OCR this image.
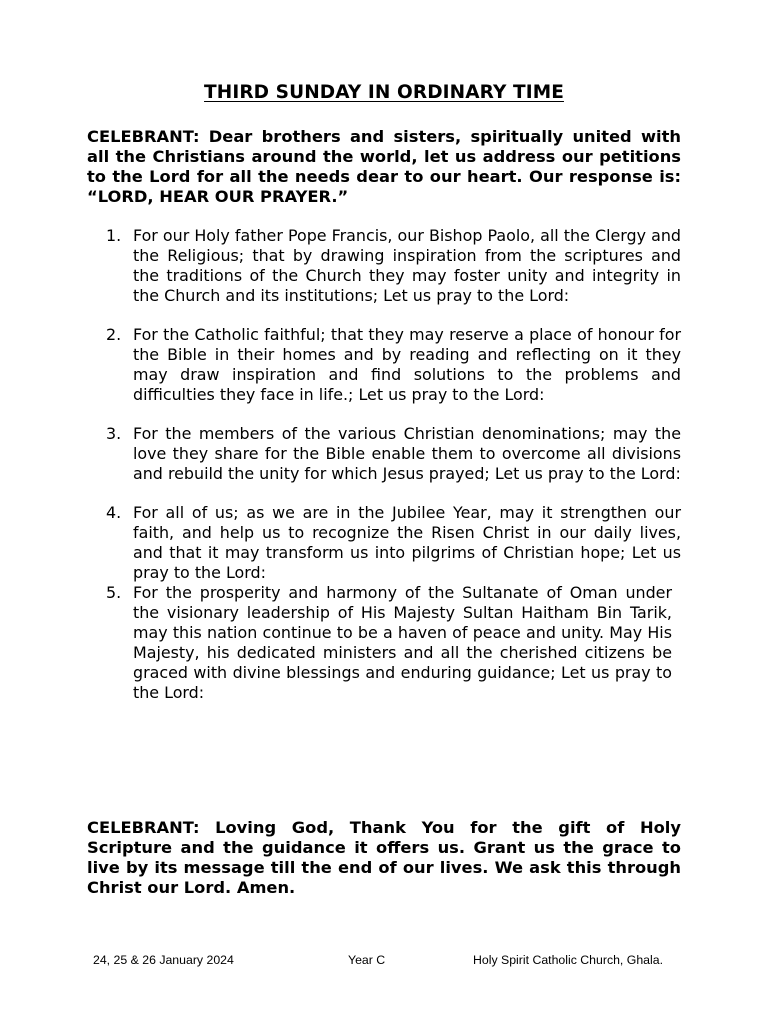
THIRD SUNDAY IN ORDINARY TIME
CELEBRANT: Dear brothers and sisters, spiritually united with all the Christians around the world, let us address our petitions to the Lord for all the needs dear to our heart. Our response is: “LORD, HEAR OUR PRAYER.”
1. For our Holy father Pope Francis, our Bishop Paolo, all the Clergy and the Religious; that by drawing inspiration from the scriptures and the traditions of the Church they may foster unity and integrity in the Church and its institutions; Let us pray to the Lord:
2. For the Catholic faithful; that they may reserve a place of honour for the Bible in their homes and by reading and reflecting on it they may draw inspiration and find solutions to the problems and difficulties they face in life.; Let us pray to the Lord:
3. For the members of the various Christian denominations; may the love they share for the Bible enable them to overcome all divisions and rebuild the unity for which Jesus prayed; Let us pray to the Lord:
4. For all of us; as we are in the Jubilee Year, may it strengthen our faith, and help us to recognize the Risen Christ in our daily lives, and that it may transform us into pilgrims of Christian hope; Let us pray to the Lord:
5. For the prosperity and harmony of the Sultanate of Oman under the visionary leadership of His Majesty Sultan Haitham Bin Tarik, may this nation continue to be a haven of peace and unity. May His Majesty, his dedicated ministers and all the cherished citizens be graced with divine blessings and enduring guidance; Let us pray to the Lord:
CELEBRANT: Loving God, Thank You for the gift of Holy Scripture and the guidance it offers us. Grant us the grace to live by its message till the end of our lives. We ask this through Christ our Lord. Amen.
24, 25 & 26 January 2024	Year C	Holy Spirit Catholic Church, Ghala.
